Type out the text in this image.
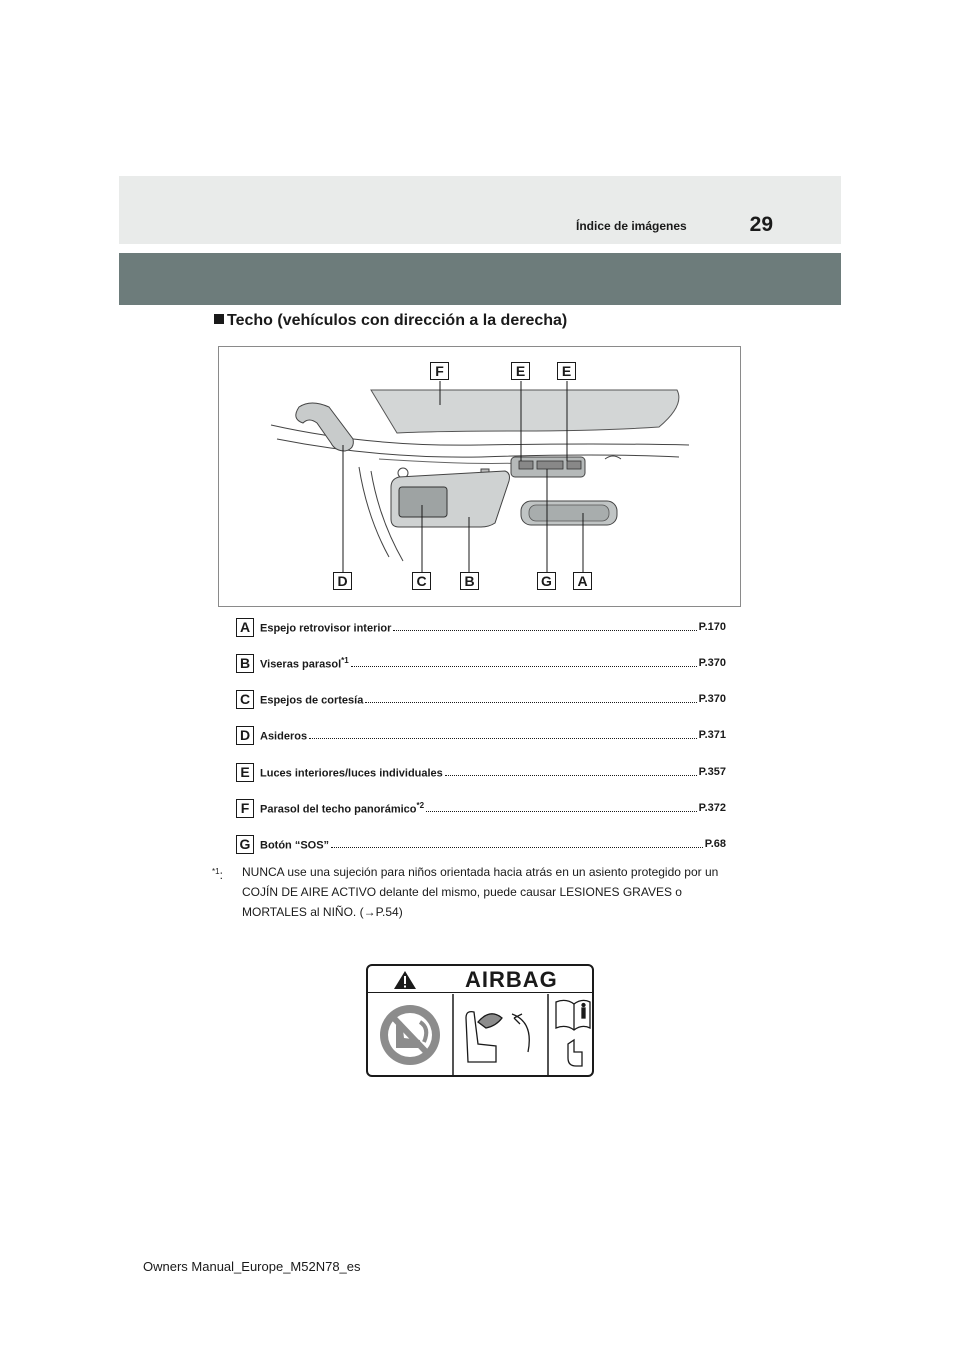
Índice de imágenes	29
Techo (vehículos con dirección a la derecha)
F	E	E
D	C	B	G	A
A Espejo retrovisor interior	P.170
B Viseras parasol$^{*1}$	P.370
C Espejos de cortesía	P.370
D Asideros	P.371
E Luces interiores/luces individuales	P.357
F Parasol del techo panorámico$^{*2}$	P.372
G Botón “SOS”	P.68
$^{*1}$: NUNCA use una sujeción para niños orientada hacia atrás en un asiento protegido por un COJÍN DE AIRE ACTIVO delante del mismo, puede causar LESIONES GRAVES o MORTALES al NIÑO. (→P.54)
AIRBAG
Owners Manual_Europe_M52N78_es
